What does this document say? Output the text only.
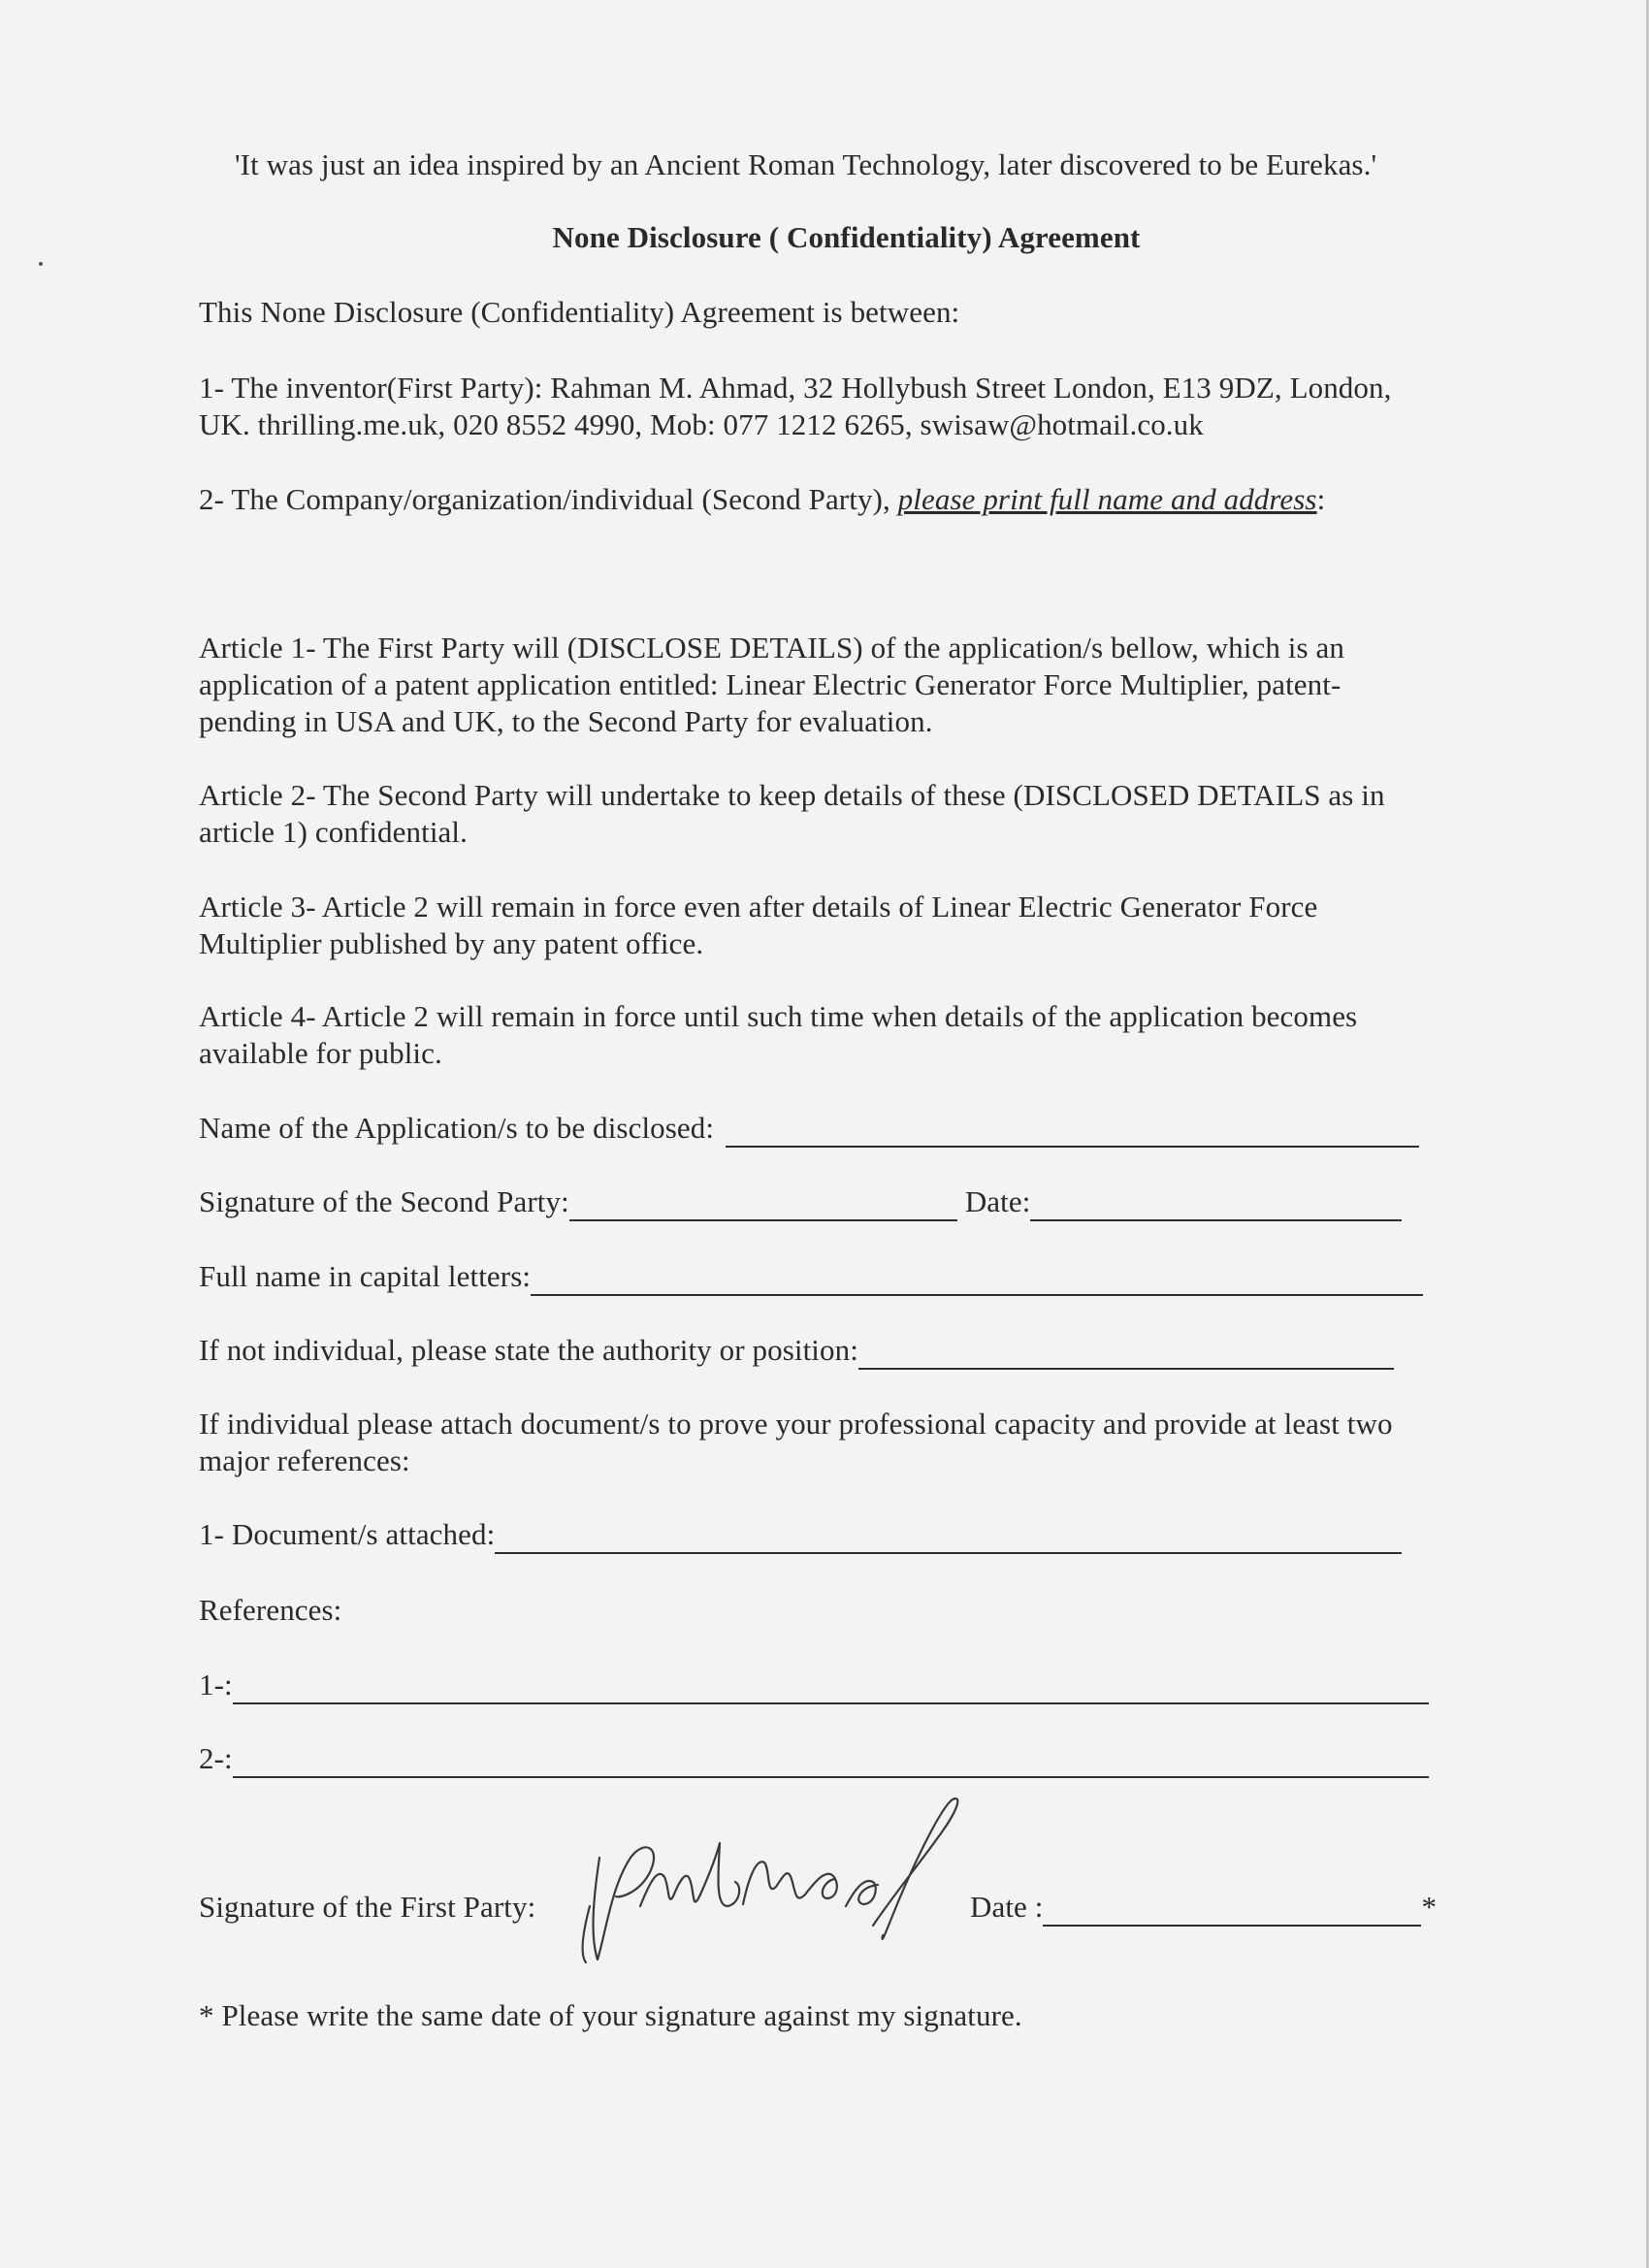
'It was just an idea inspired by an Ancient Roman Technology, later discovered to be Eurekas.'
None Disclosure ( Confidentiality) Agreement
This None Disclosure (Confidentiality) Agreement is between:
1- The inventor(First Party): Rahman M. Ahmad, 32 Hollybush Street London, E13 9DZ, London,
UK. thrilling.me.uk, 020 8552 4990, Mob: 077 1212 6265, swisaw@hotmail.co.uk
2- The Company/organization/individual (Second Party), please print full name and address:
Article 1- The First Party will (DISCLOSE DETAILS) of the application/s bellow, which is an
application of a patent application entitled: Linear Electric Generator Force Multiplier, patent-
pending in USA and UK, to the Second Party for evaluation.
Article 2- The Second Party will undertake to keep details of these (DISCLOSED DETAILS as in
article 1) confidential.
Article 3- Article 2 will remain in force even after details of Linear Electric Generator Force
Multiplier published by any patent office.
Article 4- Article 2 will remain in force until such time when details of the application becomes
available for public.
Name of the Application/s to be disclosed:
Signature of the Second Party:	Date:
Full name in capital letters:
If not individual, please state the authority or position:
If individual please attach document/s to prove your professional capacity and provide at least two
major references:
1- Document/s attached:
References:
1-:
2-:
Signature of the First Party:	Date :	*
* Please write the same date of your signature against my signature.
